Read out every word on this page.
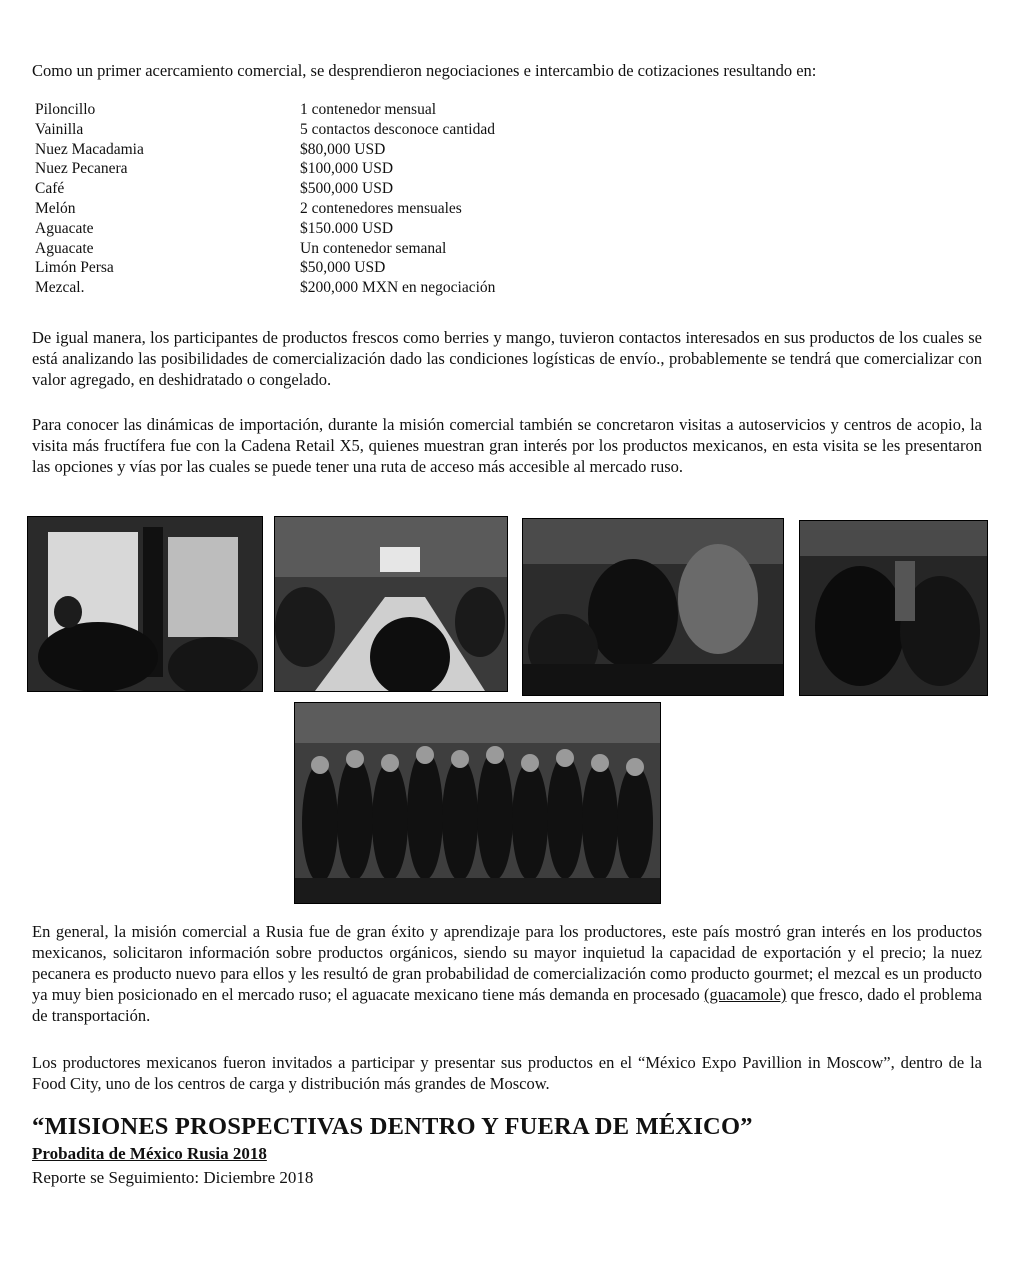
Como un primer acercamiento comercial, se desprendieron negociaciones e intercambio de cotizaciones resultando en:

Piloncillo	1 contenedor mensual
Vainilla	5 contactos desconoce cantidad
Nuez Macadamia	$80,000 USD
Nuez Pecanera	$100,000 USD
Café	$500,000 USD
Melón	2 contenedores mensuales
Aguacate	$150.000 USD
Aguacate	Un contenedor semanal
Limón Persa	$50,000 USD
Mezcal.	$200,000 MXN en negociación

De igual manera, los participantes de productos frescos como berries y mango, tuvieron contactos interesados en sus productos de los cuales se está analizando las posibilidades de comercialización dado las condiciones logísticas de envío., probablemente se tendrá que comercializar con valor agregado, en deshidratado o congelado.

Para conocer las dinámicas de importación, durante la misión comercial también se concretaron visitas a autoservicios y centros de acopio, la visita más fructífera fue con la Cadena Retail X5, quienes muestran gran interés por los productos mexicanos, en esta visita se les presentaron las opciones y vías por las cuales se puede tener una ruta de acceso más accesible al mercado ruso.

En general, la misión comercial a Rusia fue de gran éxito y aprendizaje para los productores, este país mostró gran interés en los productos mexicanos, solicitaron información sobre productos orgánicos, siendo su mayor inquietud la capacidad de exportación y el precio; la nuez pecanera es producto nuevo para ellos y les resultó de gran probabilidad de comercialización como producto gourmet; el mezcal es un producto ya muy bien posicionado en el mercado ruso; el aguacate mexicano tiene más demanda en procesado (guacamole) que fresco, dado el problema de transportación.

Los productores mexicanos fueron invitados a participar y presentar sus productos en el “México Expo Pavillion in Moscow”, dentro de la Food City, uno de los centros de carga y distribución más grandes de Moscow.

“MISIONES PROSPECTIVAS DENTRO Y FUERA DE MÉXICO”
Probadita de México Rusia 2018
Reporte se Seguimiento: Diciembre 2018
